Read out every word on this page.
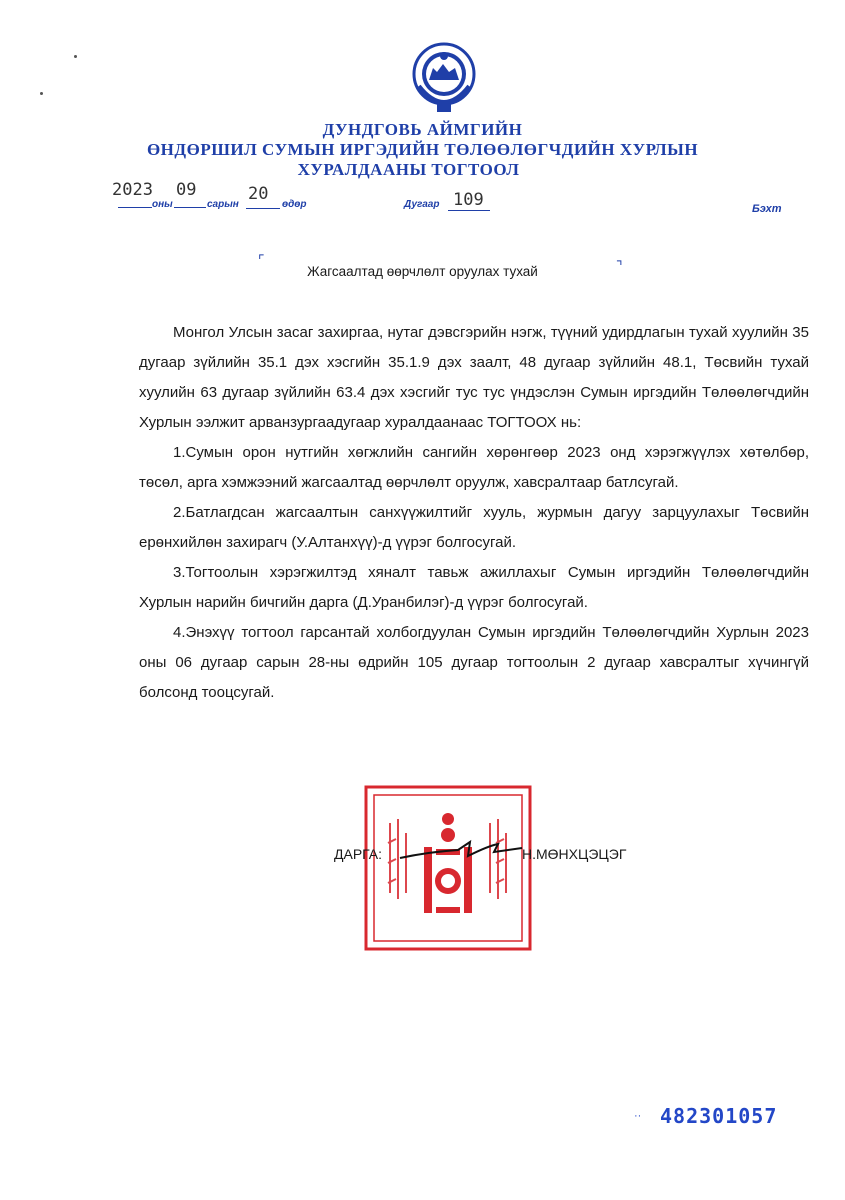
ДУНДГОВЬ АЙМГИЙН
ӨНДӨРШИЛ СУМЫН ИРГЭДИЙН ТӨЛӨӨЛӨГЧДИЙН ХУРЛЫН
ХУРАЛДААНЫ ТОГТООЛ
2023
оны
09
сарын
20
өдөр	Дугаар 109	Бэхт
⌜	⌝
Жагсаалтад өөрчлөлт оруулах тухай

Монгол Улсын засаг захиргаа, нутаг дэвсгэрийн нэгж, түүний удирдлагын тухай хуулийн 35 дугаар зүйлийн 35.1 дэх хэсгийн 35.1.9 дэх заалт, 48 дугаар зүйлийн 48.1, Төсвийн тухай хуулийн 63 дугаар зүйлийн 63.4 дэх хэсгийг тус тус үндэслэн Сумын иргэдийн Төлөөлөгчдийн Хурлын ээлжит арванзургаадугаар хуралдаанаас ТОГТООХ нь:

1.Сумын орон нутгийн хөгжлийн сангийн хөрөнгөөр 2023 онд хэрэгжүүлэх хөтөлбөр, төсөл, арга хэмжээний жагсаалтад өөрчлөлт оруулж, хавсралтаар батлсугай.

2.Батлагдсан жагсаалтын санхүүжилтийг хууль, журмын дагуу зарцуулахыг Төсвийн ерөнхийлөн захирагч (У.Алтанхүү)-д үүрэг болгосугай.

3.Тогтоолын хэрэгжилтэд хяналт тавьж ажиллахыг Сумын иргэдийн Төлөөлөгчдийн Хурлын нарийн бичгийн дарга (Д.Уранбилэг)-д үүрэг болгосугай.

4.Энэхүү тогтоол гарсантай холбогдуулан Сумын иргэдийн Төлөөлөгчдийн Хурлын 2023 оны 06 дугаар сарын 28-ны өдрийн 105 дугаар тогтоолын 2 дугаар хавсралтыг хүчингүй болсонд тооцсугай.

ДАРГА:	Н.МӨНХЦЭЦЭГ
·· 482301057
